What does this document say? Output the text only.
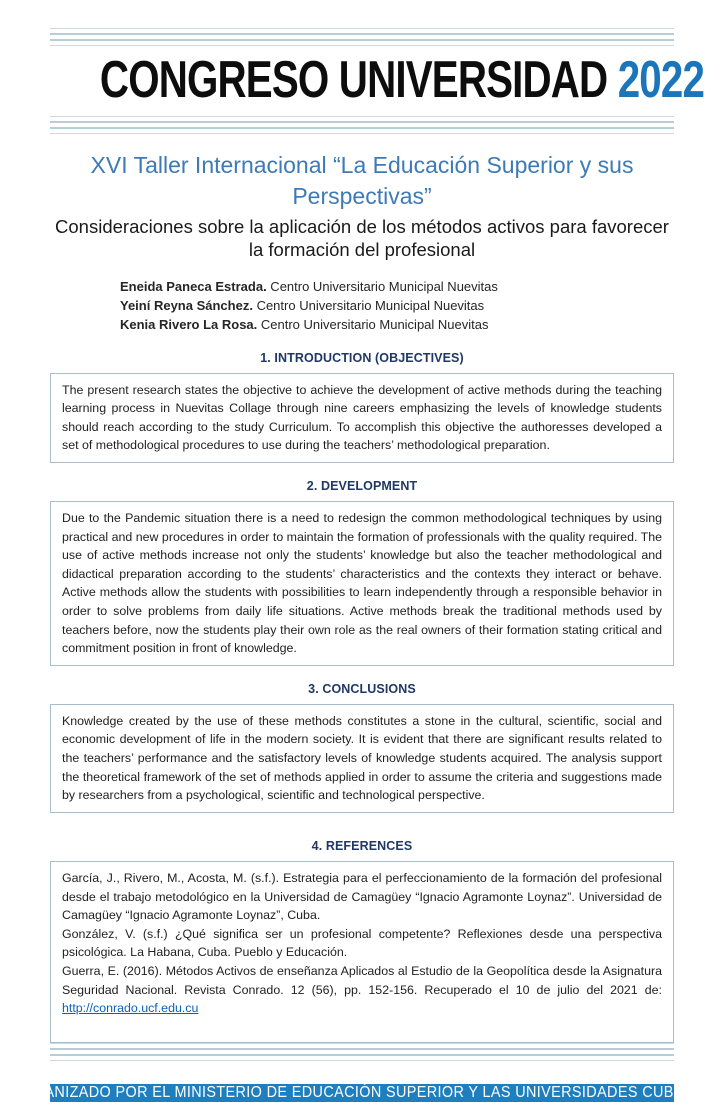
CONGRESO UNIVERSIDAD 2022
XVI Taller Internacional “La Educación Superior y sus Perspectivas”
Consideraciones sobre la aplicación de los métodos activos para favorecer la formación del profesional

Eneida Paneca Estrada. Centro Universitario Municipal Nuevitas

Yeiní Reyna Sánchez. Centro Universitario Municipal Nuevitas

Kenia Rivero La Rosa. Centro Universitario Municipal Nuevitas

1. INTRODUCTION (OBJECTIVES)

The present research states the objective to achieve the development of active methods during the teaching learning process in Nuevitas Collage through nine careers emphasizing the levels of knowledge students should reach according to the study Curriculum. To accomplish this objective the authoresses developed a set of methodological procedures to use during the teachers’ methodological preparation.

2. DEVELOPMENT

Due to the Pandemic situation there is a need to redesign the common methodological techniques by using practical and new procedures in order to maintain the formation of professionals with the quality required. The use of active methods increase not only the students’ knowledge but also the teacher methodological and didactical preparation according to the students’ characteristics and the contexts they interact or behave. Active methods allow the students with possibilities to learn independently through a responsible behavior in order to solve problems from daily life situations. Active methods break the traditional methods used by teachers before, now the students play their own role as the real owners of their formation stating critical and commitment position in front of knowledge.

3. CONCLUSIONS

Knowledge created by the use of these methods constitutes a stone in the cultural, scientific, social and economic development of life in the modern society. It is evident that there are significant results related to the teachers’ performance and the satisfactory levels of knowledge students acquired. The analysis support the theoretical framework of the set of methods applied in order to assume the criteria and suggestions made by researchers from a psychological, scientific and technological perspective.

4. REFERENCES

García, J., Rivero, M., Acosta, M. (s.f.). Estrategia para el perfeccionamiento de la formación del profesional desde el trabajo metodológico en la Universidad de Camagüey “Ignacio Agramonte Loynaz”. Universidad de Camagüey “Ignacio Agramonte Loynaz”, Cuba.

González, V. (s.f.) ¿Qué significa ser un profesional competente? Reflexiones desde una perspectiva psicológica. La Habana, Cuba. Pueblo y Educación.

Guerra, E. (2016). Métodos Activos de enseñanza Aplicados al Estudio de la Geopolítica desde la Asignatura Seguridad Nacional. Revista Conrado. 12 (56), pp. 152-156. Recuperado el 10 de julio del 2021 de: http://conrado.ucf.edu.cu

ORGANIZADO POR EL MINISTERIO DE EDUCACIÓN SUPERIOR Y LAS UNIVERSIDADES CUBANAS
